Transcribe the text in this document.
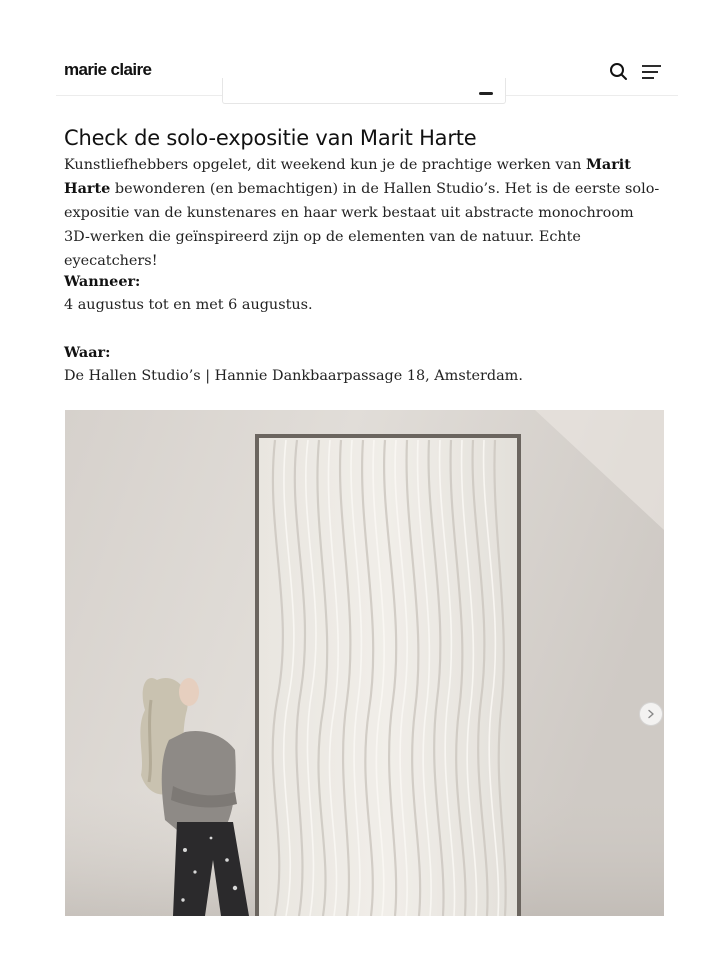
marie claire
Check de solo-expositie van Marit Harte

Kunstliefhebbers opgelet, dit weekend kun je de prachtige werken van Marit Harte bewonderen (en bemachtigen) in de Hallen Studio’s. Het is de eerste solo-expositie van de kunstenares en haar werk bestaat uit abstracte monochroom 3D-werken die geïnspireerd zijn op de elementen van de natuur. Echte eyecatchers!

Wanneer:
4 augustus tot en met 6 augustus.
Waar:
De Hallen Studio’s | Hannie Dankbaarpassage 18, Amsterdam.
